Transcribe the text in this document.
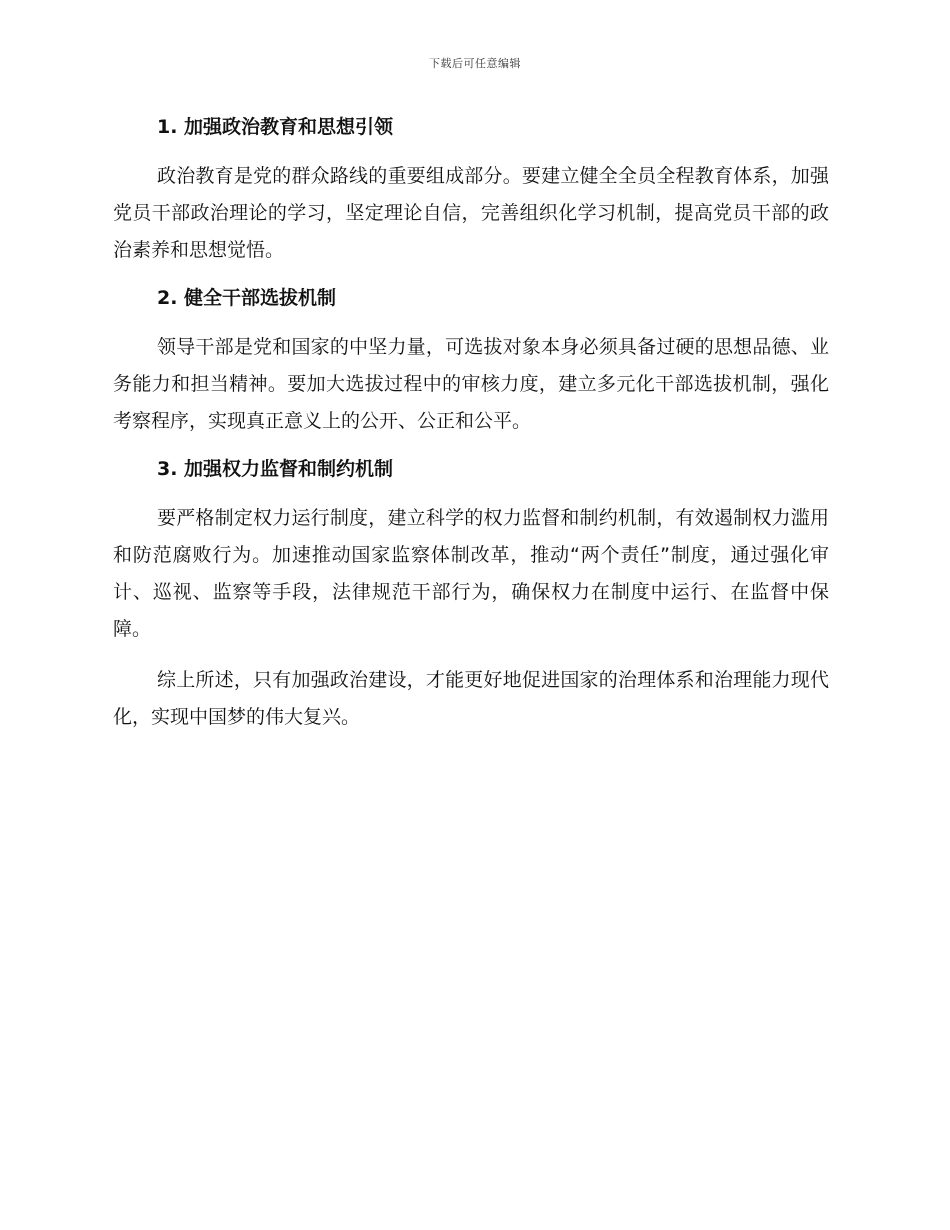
下载后可任意编辑
1. 加强政治教育和思想引领

政治教育是党的群众路线的重要组成部分。要建立健全全员全程教育体系，加强党员干部政治理论的学习，坚定理论自信，完善组织化学习机制，提高党员干部的政治素养和思想觉悟。

2. 健全干部选拔机制

领导干部是党和国家的中坚力量，可选拔对象本身必须具备过硬的思想品德、业务能力和担当精神。要加大选拔过程中的审核力度，建立多元化干部选拔机制，强化考察程序，实现真正意义上的公开、公正和公平。

3. 加强权力监督和制约机制

要严格制定权力运行制度，建立科学的权力监督和制约机制，有效遏制权力滥用和防范腐败行为。加速推动国家监察体制改革，推动“两个责任”制度，通过强化审计、巡视、监察等手段，法律规范干部行为，确保权力在制度中运行、在监督中保障。

综上所述，只有加强政治建设，才能更好地促进国家的治理体系和治理能力现代化，实现中国梦的伟大复兴。
